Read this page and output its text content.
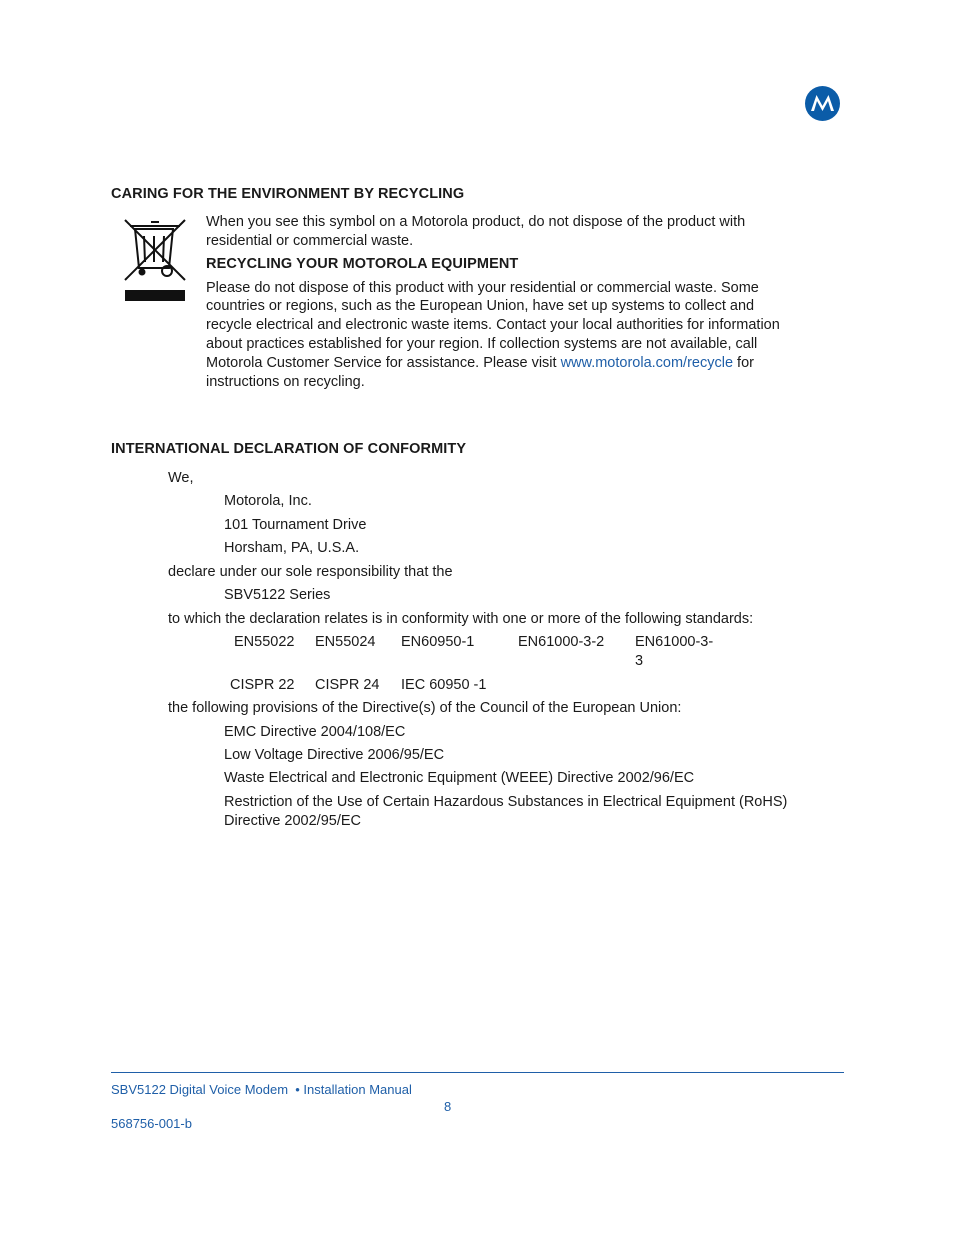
CARING FOR THE ENVIRONMENT BY RECYCLING
When you see this symbol on a Motorola product, do not dispose of the product with
residential or commercial waste.
RECYCLING YOUR MOTOROLA EQUIPMENT
Please do not dispose of this product with your residential or commercial waste. Some
countries or regions, such as the European Union, have set up systems to collect and
recycle electrical and electronic waste items. Contact your local authorities for information
about practices established for your region. If collection systems are not available, call
Motorola Customer Service for assistance. Please visit www.motorola.com/recycle for
instructions on recycling.
INTERNATIONAL DECLARATION OF CONFORMITY
We,
Motorola, Inc.
101 Tournament Drive
Horsham, PA, U.S.A.
declare under our sole responsibility that the
SBV5122 Series
to which the declaration relates is in conformity with one or more of the following standards:
EN55022 EN55024 EN60950-1	EN61000-3-2 EN61000-3-
3
CISPR 22 CISPR 24 IEC 60950 -1
the following provisions of the Directive(s) of the Council of the European Union:
EMC Directive 2004/108/EC
Low Voltage Directive 2006/95/EC
Waste Electrical and Electronic Equipment (WEEE) Directive 2002/96/EC
Restriction of the Use of Certain Hazardous Substances in Electrical Equipment (RoHS)
Directive 2002/95/EC
SBV5122 Digital Voice Modem  • Installation Manual
8
568756-001-b
